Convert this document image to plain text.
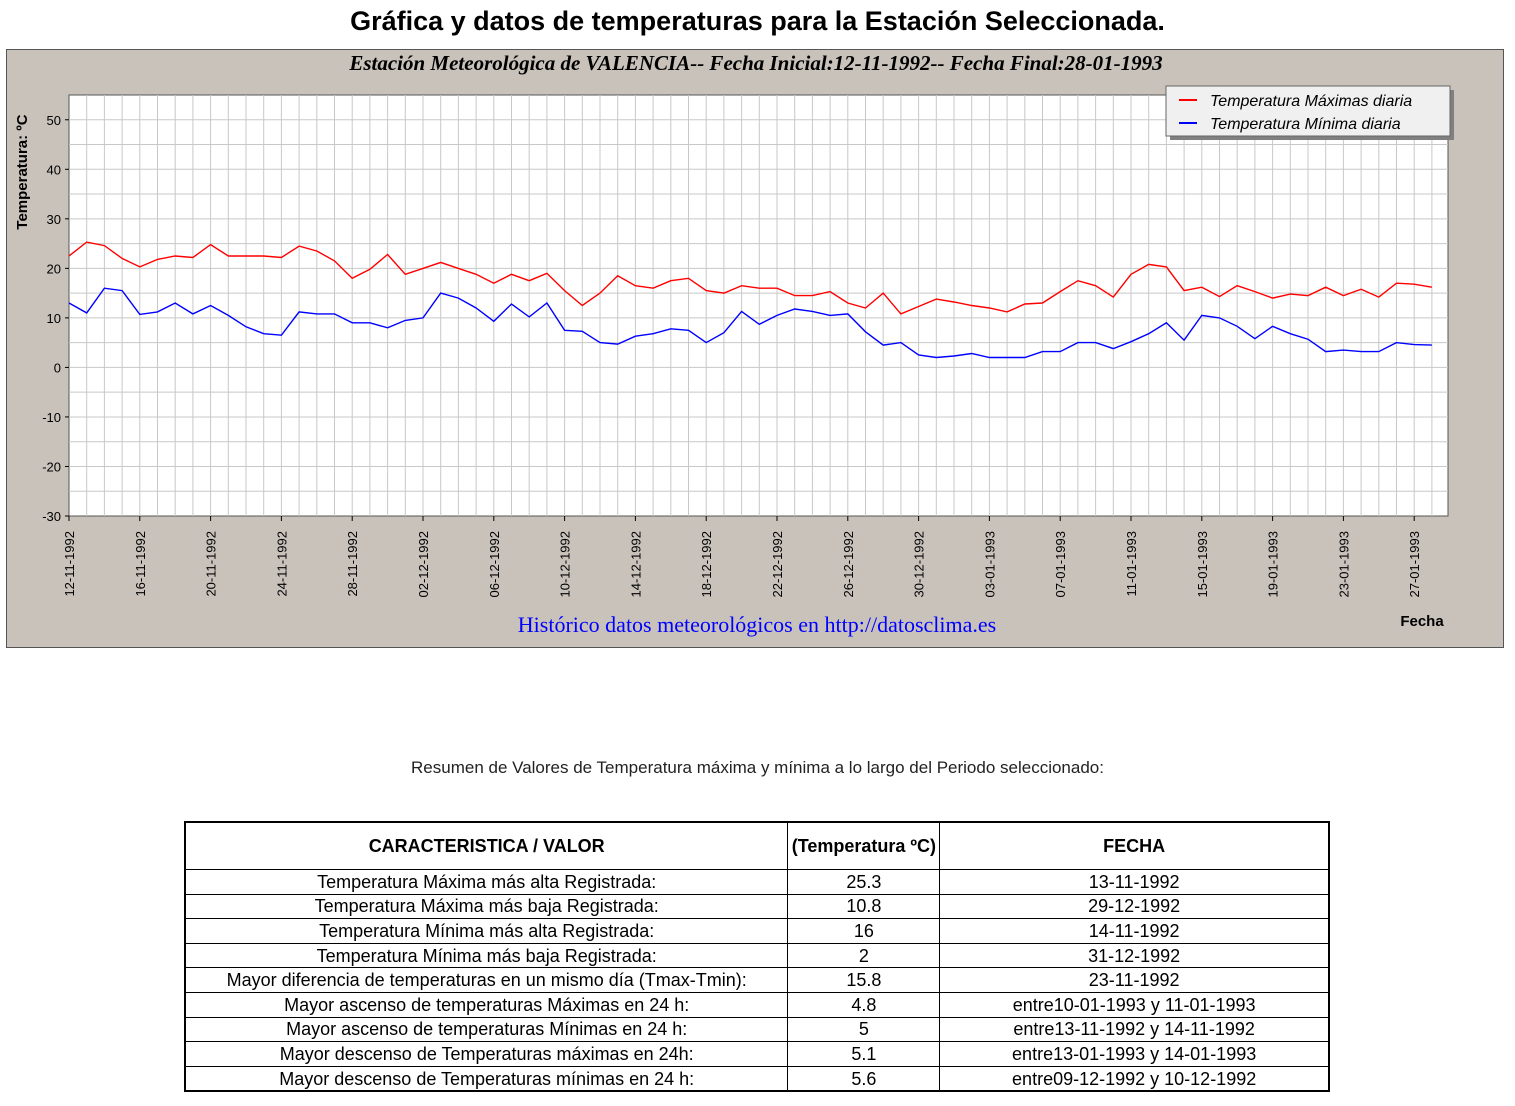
Gráfica y datos de temperaturas para la Estación Seleccionada.
Estación Meteorológica de VALENCIA-- Fecha Inicial:12-11-1992-- Fecha Final:28-01-1993
-30
-20
-10
0
10
20
30
40
50
12-11-1992	16-11-1992	20-11-1992	24-11-1992	28-11-1992	02-12-1992	06-12-1992	10-12-1992	14-12-1992	18-12-1992	22-12-1992	26-12-1992	30-12-1992	03-01-1993	07-01-1993	11-01-1993	15-01-1993	19-01-1993	23-01-1993	27-01-1993
Temperatura: ºC
Fecha
Temperatura Máximas diaria
Temperatura Mínima diaria
Histórico datos meteorológicos en http://datosclima.es
Resumen de Valores de Temperatura máxima y mínima a lo largo del Periodo seleccionado:
CARACTERISTICA / VALOR	(Temperatura ºC)	FECHA
Temperatura Máxima más alta Registrada:	25.3	13-11-1992
Temperatura Máxima más baja Registrada:	10.8	29-12-1992
Temperatura Mínima más alta Registrada:	16	14-11-1992
Temperatura Mínima más baja Registrada:	2	31-12-1992
Mayor diferencia de temperaturas en un mismo día (Tmax-Tmin):	15.8	23-11-1992
Mayor ascenso de temperaturas Máximas en 24 h:	4.8	entre10-01-1993 y 11-01-1993
Mayor ascenso de temperaturas Mínimas en 24 h:	5	entre13-11-1992 y 14-11-1992
Mayor descenso de Temperaturas máximas en 24h:	5.1	entre13-01-1993 y 14-01-1993
Mayor descenso de Temperaturas mínimas en 24 h:	5.6	entre09-12-1992 y 10-12-1992
